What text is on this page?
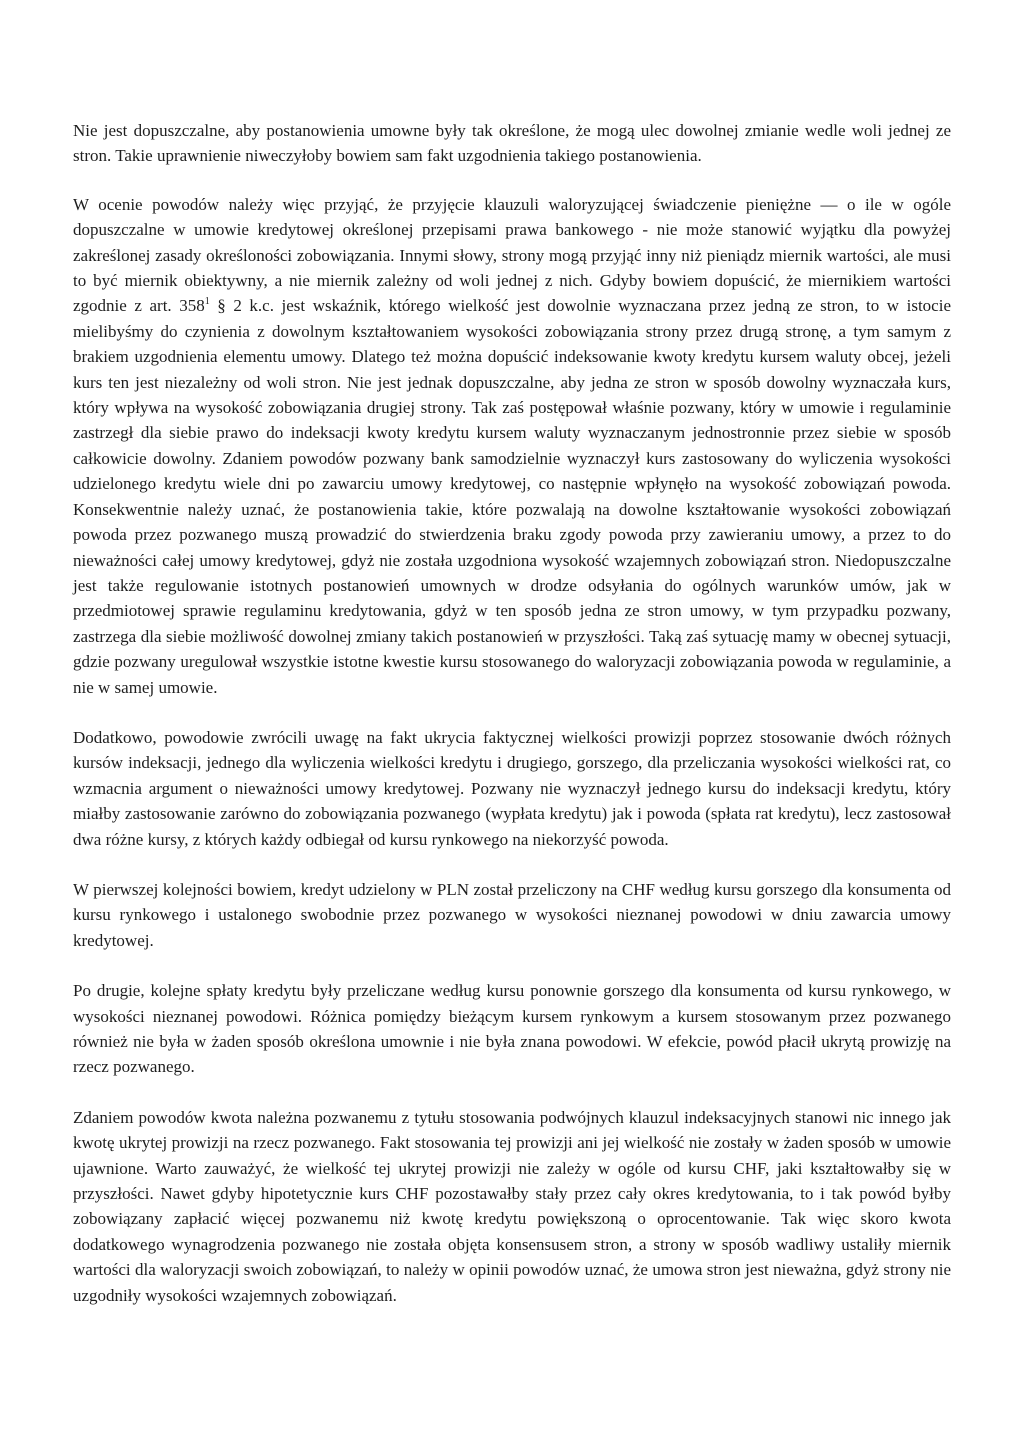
Nie jest dopuszczalne, aby postanowienia umowne były tak określone, że mogą ulec dowolnej zmianie wedle woli jednej ze stron. Takie uprawnienie niweczyłoby bowiem sam fakt uzgodnienia takiego postanowienia.

W ocenie powodów należy więc przyjąć, że przyjęcie klauzuli waloryzującej świadczenie pieniężne — o ile w ogóle dopuszczalne w umowie kredytowej określonej przepisami prawa bankowego - nie może stanowić wyjątku dla powyżej zakreślonej zasady określoności zobowiązania. Innymi słowy, strony mogą przyjąć inny niż pieniądz miernik wartości, ale musi to być miernik obiektywny, a nie miernik zależny od woli jednej z nich. Gdyby bowiem dopuścić, że miernikiem wartości zgodnie z art. $358^1$ § 2 k.c. jest wskaźnik, którego wielkość jest dowolnie wyznaczana przez jedną ze stron, to w istocie mielibyśmy do czynienia z dowolnym kształtowaniem wysokości zobowiązania strony przez drugą stronę, a tym samym z brakiem uzgodnienia elementu umowy. Dlatego też można dopuścić indeksowanie kwoty kredytu kursem waluty obcej, jeżeli kurs ten jest niezależny od woli stron. Nie jest jednak dopuszczalne, aby jedna ze stron w sposób dowolny wyznaczała kurs, który wpływa na wysokość zobowiązania drugiej strony. Tak zaś postępował właśnie pozwany, który w umowie i regulaminie zastrzegł dla siebie prawo do indeksacji kwoty kredytu kursem waluty wyznaczanym jednostronnie przez siebie w sposób całkowicie dowolny. Zdaniem powodów pozwany bank samodzielnie wyznaczył kurs zastosowany do wyliczenia wysokości udzielonego kredytu wiele dni po zawarciu umowy kredytowej, co następnie wpłynęło na wysokość zobowiązań powoda. Konsekwentnie należy uznać, że postanowienia takie, które pozwalają na dowolne kształtowanie wysokości zobowiązań powoda przez pozwanego muszą prowadzić do stwierdzenia braku zgody powoda przy zawieraniu umowy, a przez to do nieważności całej umowy kredytowej, gdyż nie została uzgodniona wysokość wzajemnych zobowiązań stron. Niedopuszczalne jest także regulowanie istotnych postanowień umownych w drodze odsyłania do ogólnych warunków umów, jak w przedmiotowej sprawie regulaminu kredytowania, gdyż w ten sposób jedna ze stron umowy, w tym przypadku pozwany, zastrzega dla siebie możliwość dowolnej zmiany takich postanowień w przyszłości. Taką zaś sytuację mamy w obecnej sytuacji, gdzie pozwany uregulował wszystkie istotne kwestie kursu stosowanego do waloryzacji zobowiązania powoda w regulaminie, a nie w samej umowie.

Dodatkowo, powodowie zwrócili uwagę na fakt ukrycia faktycznej wielkości prowizji poprzez stosowanie dwóch różnych kursów indeksacji, jednego dla wyliczenia wielkości kredytu i drugiego, gorszego, dla przeliczania wysokości wielkości rat, co wzmacnia argument o nieważności umowy kredytowej. Pozwany nie wyznaczył jednego kursu do indeksacji kredytu, który miałby zastosowanie zarówno do zobowiązania pozwanego (wypłata kredytu) jak i powoda (spłata rat kredytu), lecz zastosował dwa różne kursy, z których każdy odbiegał od kursu rynkowego na niekorzyść powoda.

W pierwszej kolejności bowiem, kredyt udzielony w PLN został przeliczony na CHF według kursu gorszego dla konsumenta od kursu rynkowego i ustalonego swobodnie przez pozwanego w wysokości nieznanej powodowi w dniu zawarcia umowy kredytowej.

Po drugie, kolejne spłaty kredytu były przeliczane według kursu ponownie gorszego dla konsumenta od kursu rynkowego, w wysokości nieznanej powodowi. Różnica pomiędzy bieżącym kursem rynkowym a kursem stosowanym przez pozwanego również nie była w żaden sposób określona umownie i nie była znana powodowi. W efekcie, powód płacił ukrytą prowizję na rzecz pozwanego.

Zdaniem powodów kwota należna pozwanemu z tytułu stosowania podwójnych klauzul indeksacyjnych stanowi nic innego jak kwotę ukrytej prowizji na rzecz pozwanego. Fakt stosowania tej prowizji ani jej wielkość nie zostały w żaden sposób w umowie ujawnione. Warto zauważyć, że wielkość tej ukrytej prowizji nie zależy w ogóle od kursu CHF, jaki kształtowałby się w przyszłości. Nawet gdyby hipotetycznie kurs CHF pozostawałby stały przez cały okres kredytowania, to i tak powód byłby zobowiązany zapłacić więcej pozwanemu niż kwotę kredytu powiększoną o oprocentowanie. Tak więc skoro kwota dodatkowego wynagrodzenia pozwanego nie została objęta konsensusem stron, a strony w sposób wadliwy ustaliły miernik wartości dla waloryzacji swoich zobowiązań, to należy w opinii powodów uznać, że umowa stron jest nieważna, gdyż strony nie uzgodniły wysokości wzajemnych zobowiązań.
